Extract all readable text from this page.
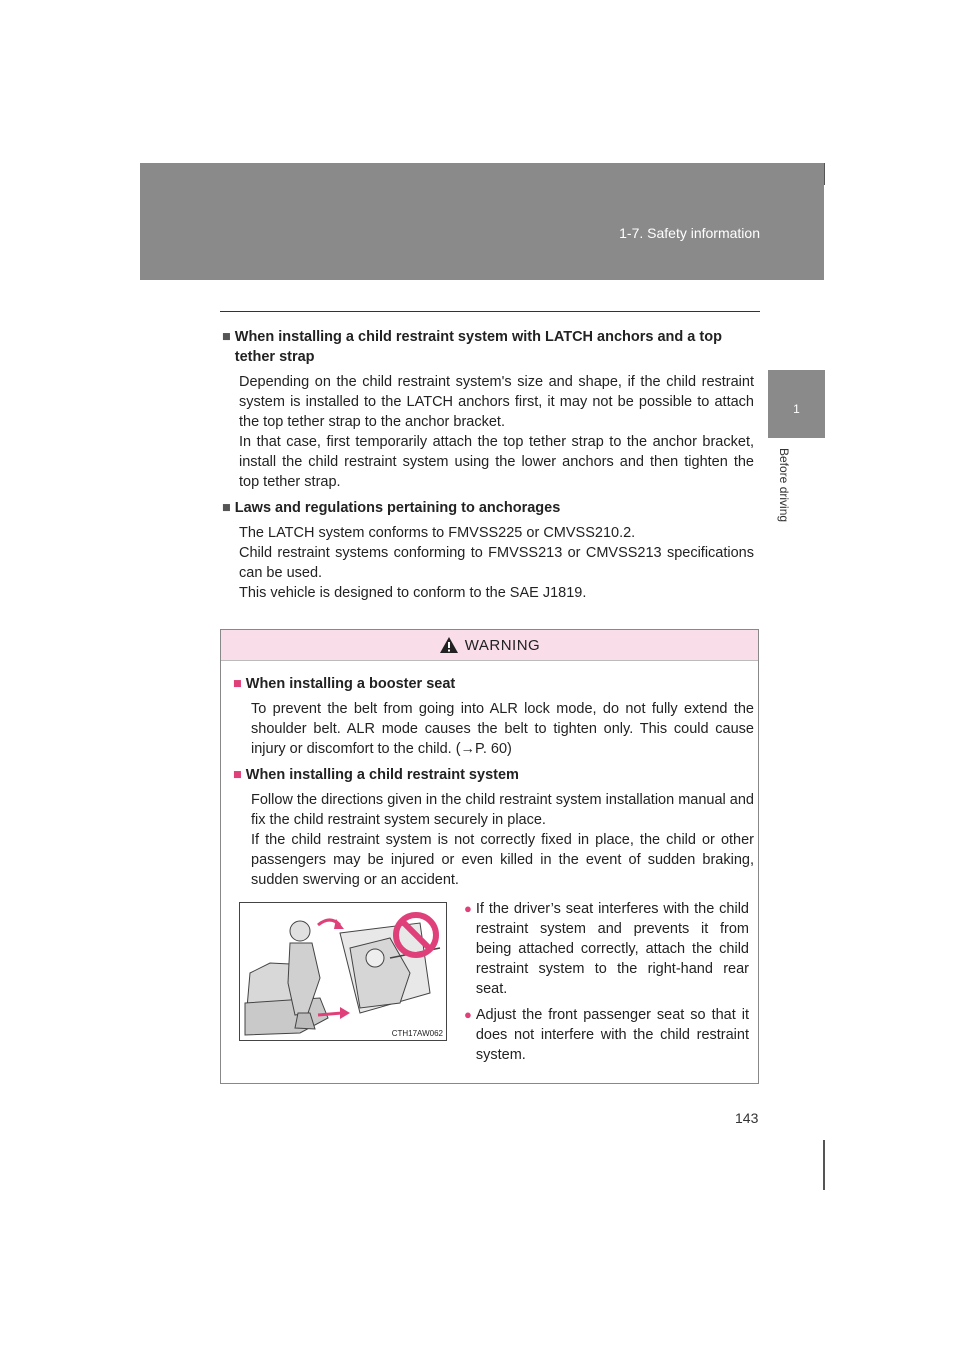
1-7. Safety information
1
Before driving
■ When installing a child restraint system with LATCH anchors and a top tether strap

Depending on the child restraint system's size and shape, if the child restraint system is installed to the LATCH anchors first, it may not be possible to attach the top tether strap to the anchor bracket.

In that case, first temporarily attach the top tether strap to the anchor bracket, install the child restraint system using the lower anchors and then tighten the top tether strap.

■ Laws and regulations pertaining to anchorages

The LATCH system conforms to FMVSS225 or CMVSS210.2.

Child restraint systems conforming to FMVSS213 or CMVSS213 specifications can be used.

This vehicle is designed to conform to the SAE J1819.

WARNING
■ When installing a booster seat

To prevent the belt from going into ALR lock mode, do not fully extend the shoulder belt. ALR mode causes the belt to tighten only. This could cause injury or discomfort to the child. (→P. 60)

■ When installing a child restraint system

Follow the directions given in the child restraint system installation manual and fix the child restraint system securely in place.

If the child restraint system is not correctly fixed in place, the child or other passengers may be injured or even killed in the event of sudden braking, sudden swerving or an accident.

CTH17AW062
● If the driver’s seat interferes with the child restraint system and prevents it from being attached correctly, attach the child restraint system to the right-hand rear seat.
● Adjust the front passenger seat so that it does not interfere with the child restraint system.
143
